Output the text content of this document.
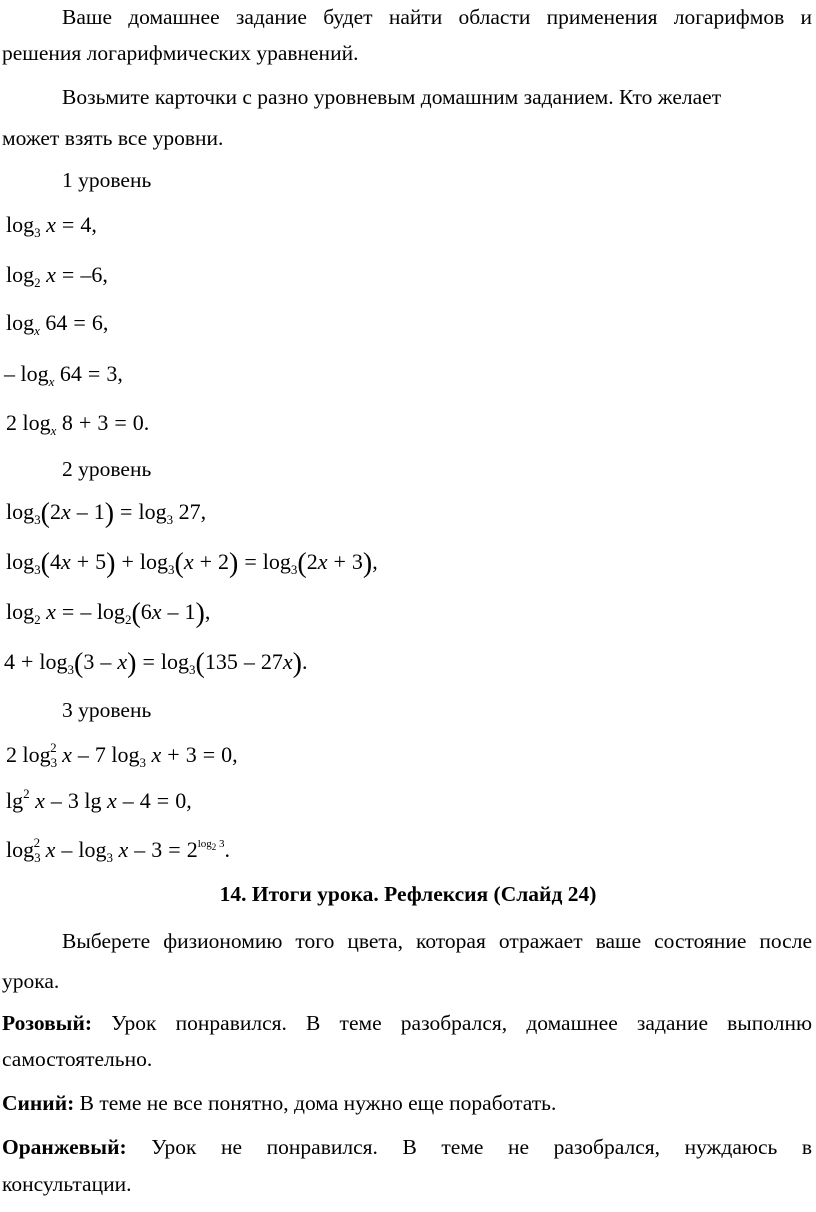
Ваше домашнее задание будет найти области применения логарифмов и
решения логарифмических уравнений.
Возьмите карточки с разно уровневым домашним заданием. Кто желает
может взять все уровни.
1 уровень
$\log_3 x = 4$,
$\log_2 x = -6$,
$\log_x 64 = 6$,
– $\log_x 64 = 3$,
2 $\log_x 8 + 3 = 0$.
2 уровень
$\log_3(2x - 1) = \log_3 27$,
$\log_3(4x + 5) + \log_3(x + 2) = \log_3(2x + 3)$,
$\log_2 x$ = – $\log_2(6x - 1)$,
$4 + \log_3(3 - x) = \log_3(135 - 27x)$.
3 уровень
2 $\log_3^2 x - 7$ $\log_3 x + 3 = 0$,
$\lg^2 x - 3$ lg x – 4 = 0,
$\log_3^2 x - \log_3 x - 3 = 2^{log_2 3}$.
14. Итоги урока. Рефлексия (Слайд 24)
Выберете физиономию того цвета, которая отражает ваше состояние после
урока.
Розовый: Урок понравился. В теме разобрался, домашнее задание выполню
самостоятельно.
Синий: В теме не все понятно, дома нужно еще поработать.
Оранжевый: Урок не понравился. В теме не разобрался, нуждаюсь в
консультации.
